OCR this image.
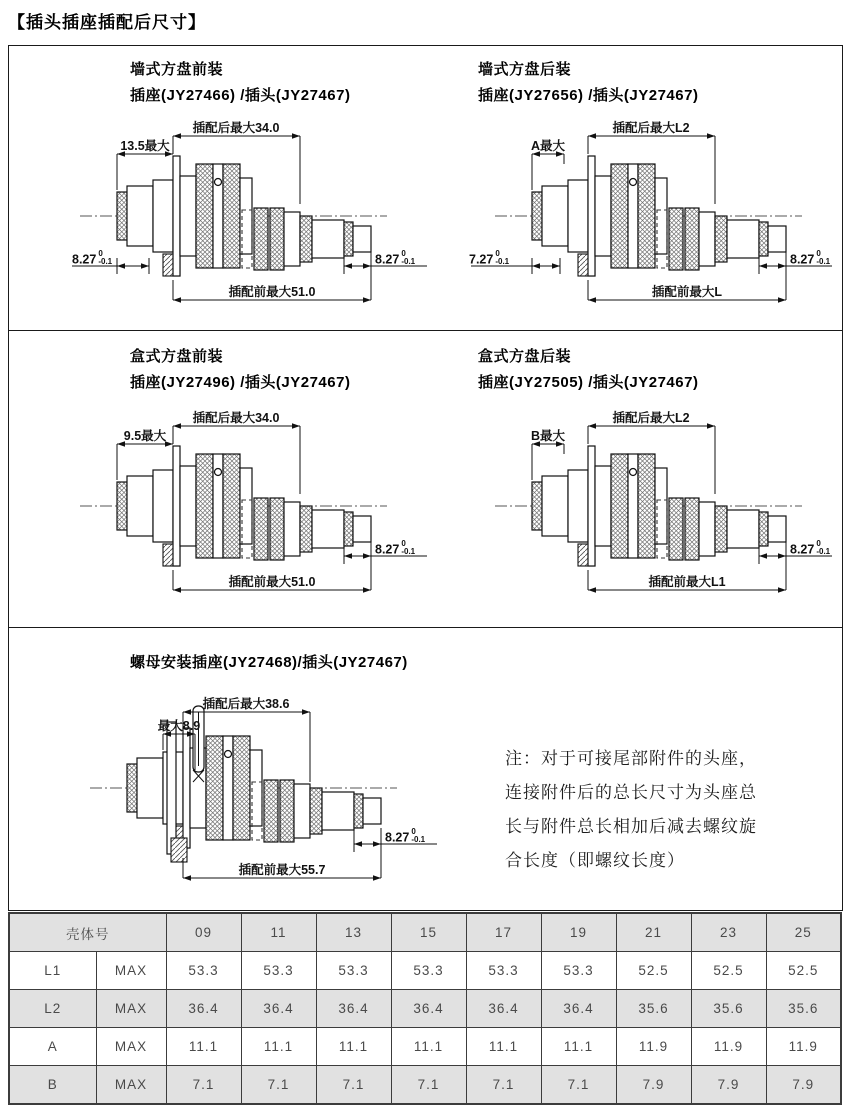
【插头插座插配后尺寸】
墙式方盘前装
插座(JY27466) /插头(JY27467)
墙式方盘后装
插座(JY27656) /插头(JY27467)
盒式方盘前装
插座(JY27496) /插头(JY27467)
盒式方盘后装
插座(JY27505) /插头(JY27467)
螺母安装插座(JY27468)/插头(JY27467)
插配后最大34.0
13.5最大
8.27 0
-0.1	8.27 0
-0.1
插配前最大51.0
插配后最大L2
A最大
7.27 0
-0.1	8.27 0
-0.1
插配前最大L
插配后最大34.0
9.5最大
8.27 0
-0.1
插配前最大51.0
插配后最大L2
B最大
8.27 0
-0.1
插配前最大L1
插配后最大38.6
最大8.9
8.27 0
-0.1
插配前最大55.7
注：对于可接尾部附件的头座，
连接附件后的总长尺寸为头座总
长与附件总长相加后减去螺纹旋
合长度（即螺纹长度）
壳体号		09	11	13	15	17	19	21	23	25
L1	MAX	53.3	53.3	53.3	53.3	53.3	53.3	52.5	52.5	52.5
L2	MAX	36.4	36.4	36.4	36.4	36.4	36.4	35.6	35.6	35.6
A	MAX	11.1	11.1	11.1	11.1	11.1	11.1	11.9	11.9	11.9
B	MAX	7.1	7.1	7.1	7.1	7.1	7.1	7.9	7.9	7.9
